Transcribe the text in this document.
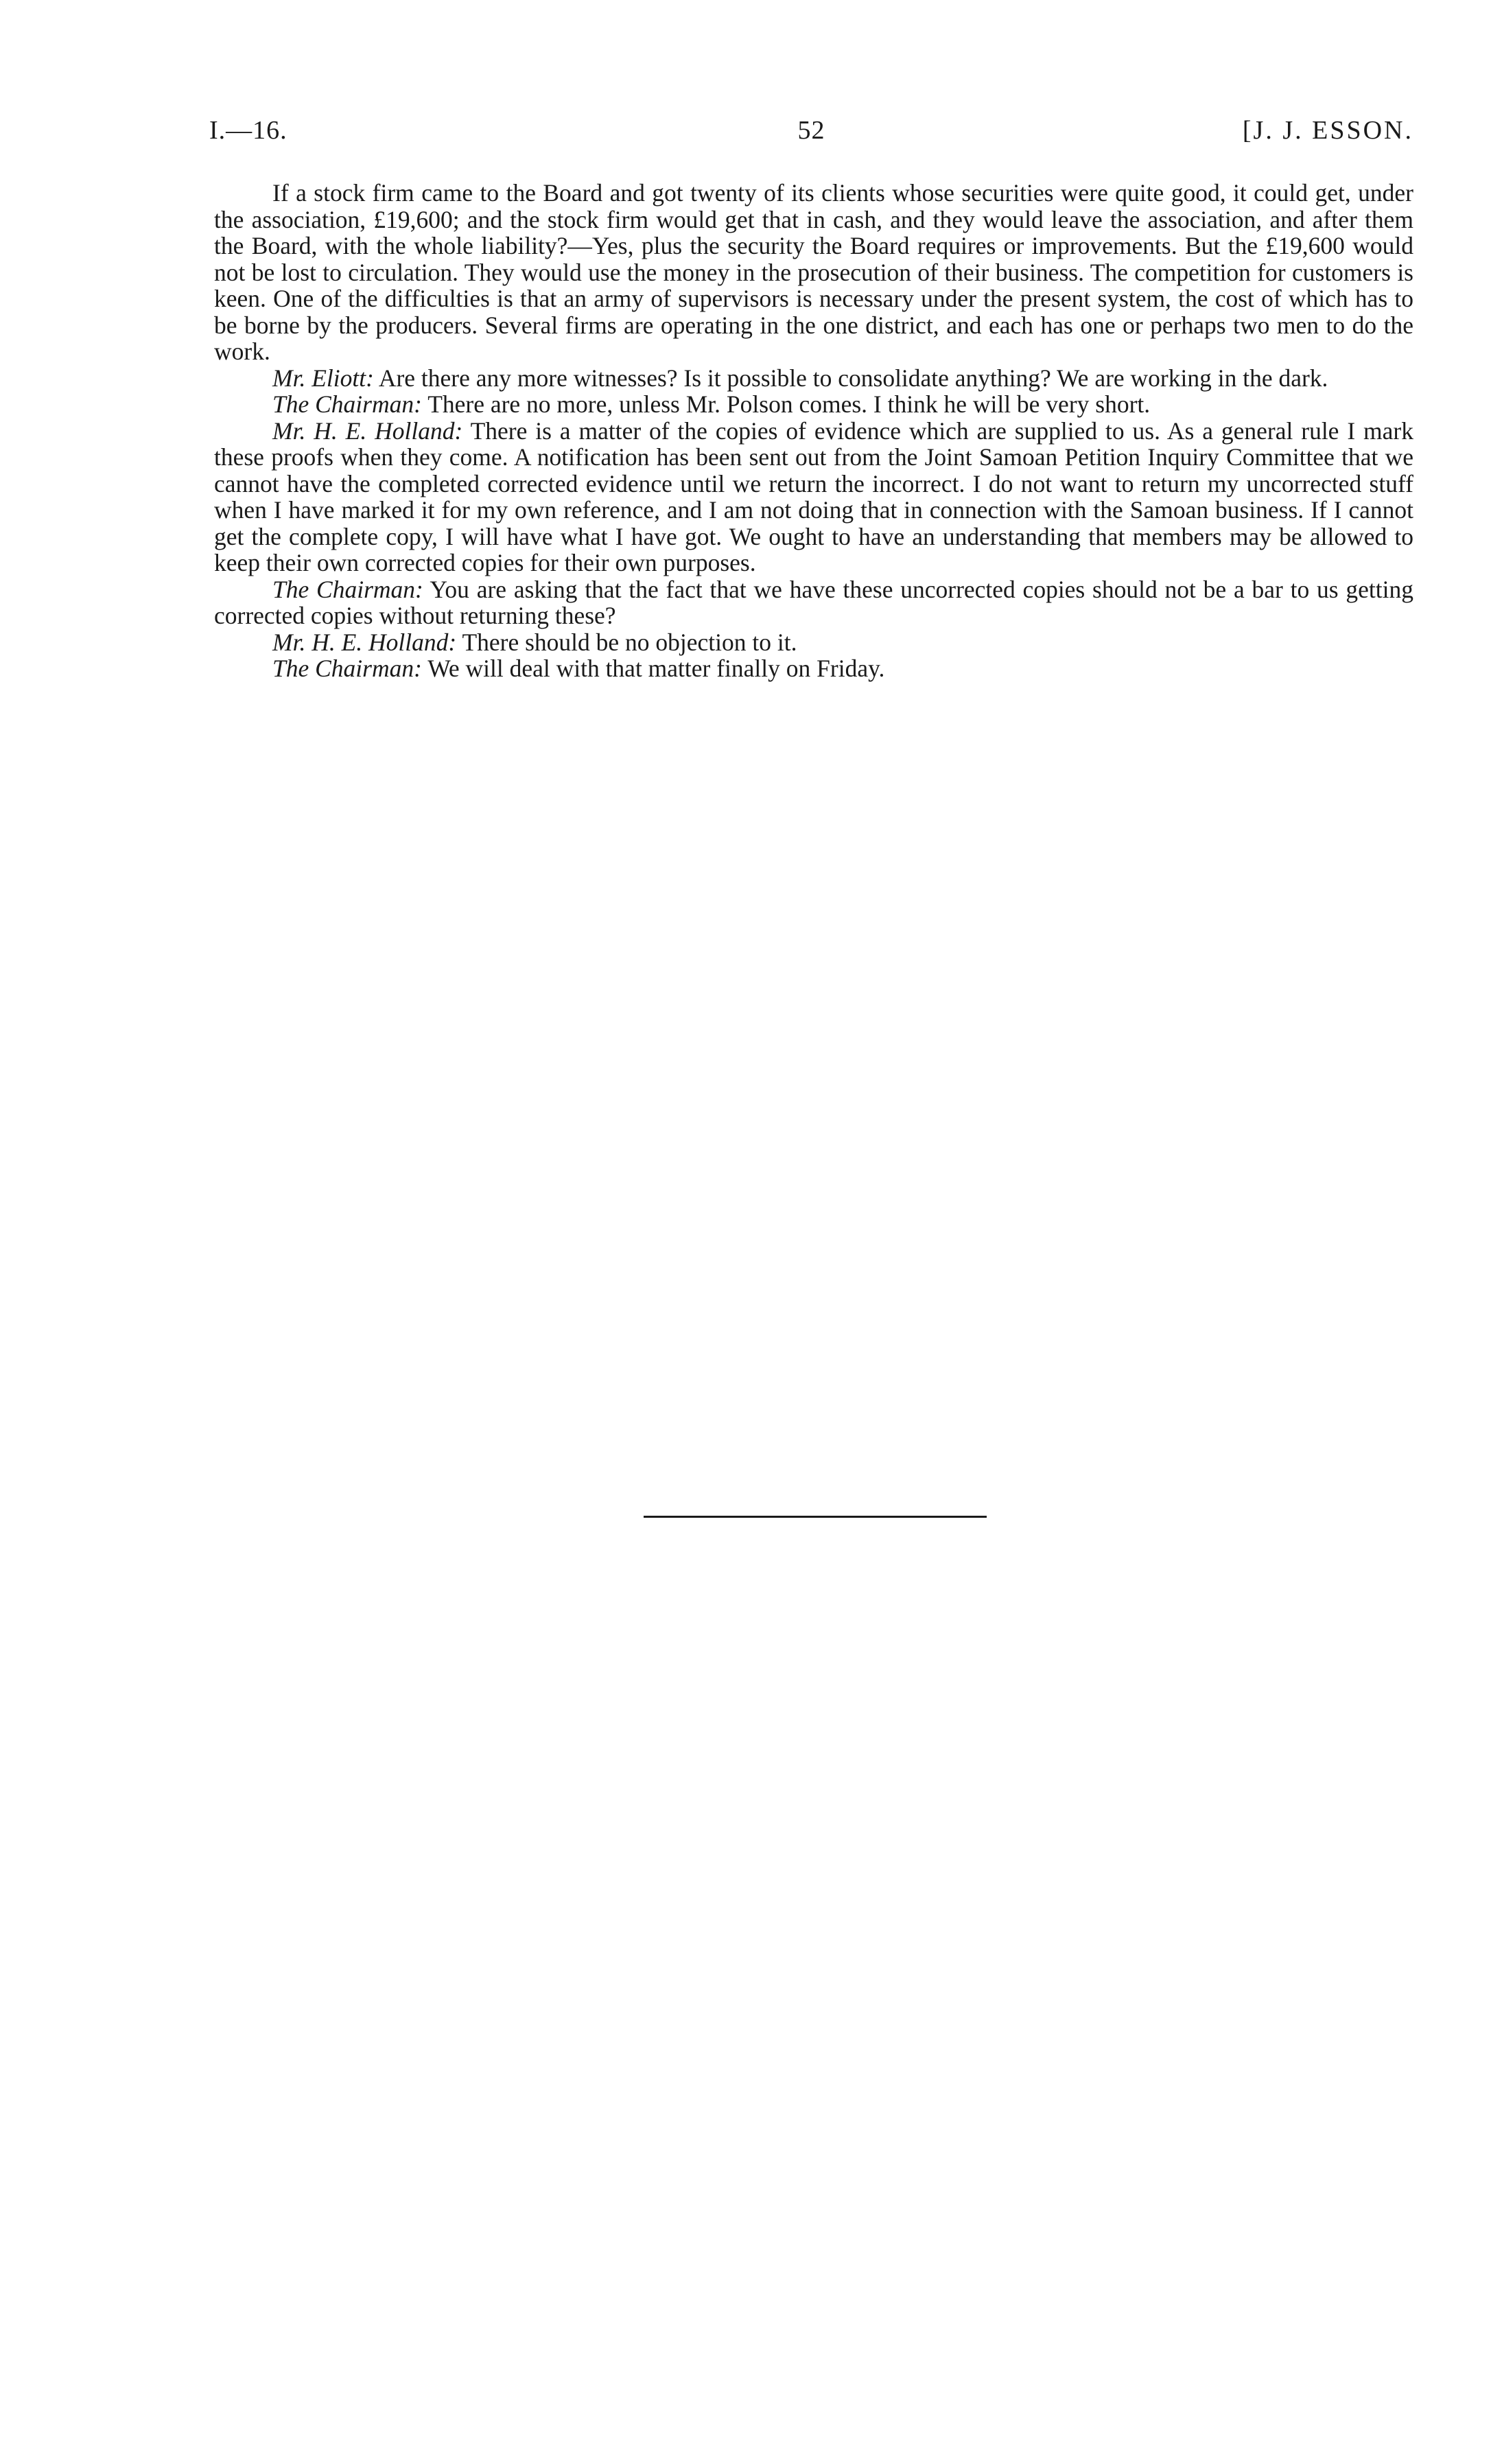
I.—16.	52	[J. J. ESSON.

If a stock firm came to the Board and got twenty of its clients whose securities were quite good, it could get, under the association, £19,600; and the stock firm would get that in cash, and they would leave the association, and after them the Board, with the whole liability?—Yes, plus the security the Board requires or improvements. But the £19,600 would not be lost to circulation. They would use the money in the prosecution of their business. The competition for customers is keen. One of the difficulties is that an army of supervisors is necessary under the present system, the cost of which has to be borne by the producers. Several firms are operating in the one district, and each has one or perhaps two men to do the work.

Mr. Eliott: Are there any more witnesses? Is it possible to consolidate anything? We are working in the dark.

The Chairman: There are no more, unless Mr. Polson comes. I think he will be very short.

Mr. H. E. Holland: There is a matter of the copies of evidence which are supplied to us. As a general rule I mark these proofs when they come. A notification has been sent out from the Joint Samoan Petition Inquiry Committee that we cannot have the completed corrected evidence until we return the incorrect. I do not want to return my uncorrected stuff when I have marked it for my own reference, and I am not doing that in connection with the Samoan business. If I cannot get the complete copy, I will have what I have got. We ought to have an understanding that members may be allowed to keep their own corrected copies for their own purposes.

The Chairman: You are asking that the fact that we have these uncorrected copies should not be a bar to us getting corrected copies without returning these?

Mr. H. E. Holland: There should be no objection to it.

The Chairman: We will deal with that matter finally on Friday.
